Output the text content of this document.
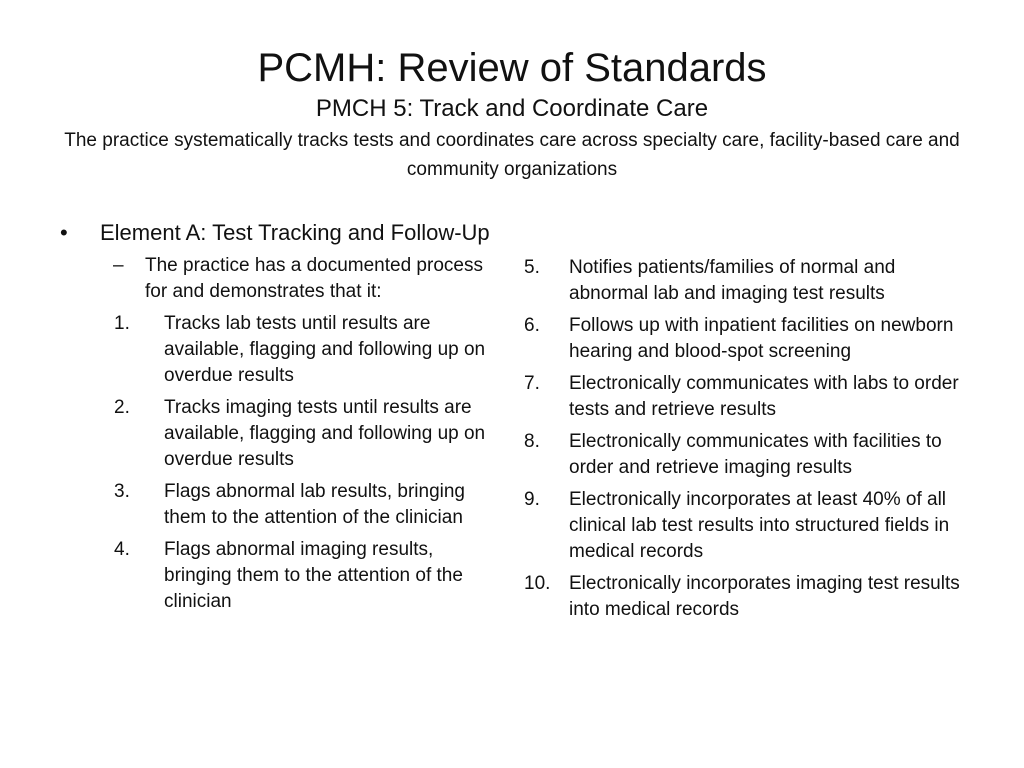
PCMH: Review of Standards
PMCH 5: Track and Coordinate Care
The practice systematically tracks tests and coordinates care across specialty care, facility-based care and community organizations
•	Element A: Test Tracking and Follow-Up
–	The practice has a documented process for and demonstrates that it:
1.	Tracks lab tests until results are available, flagging and following up on overdue results
2.	Tracks imaging tests until results are available, flagging and following up on overdue results
3.	Flags abnormal lab results, bringing them to the attention of the clinician
4.	Flags abnormal imaging results, bringing them to the attention of the clinician
5.	Notifies patients/families of normal and abnormal lab and imaging test results
6.	Follows up with inpatient facilities on newborn hearing and blood-spot screening
7.	Electronically communicates with labs to order tests and retrieve results
8.	Electronically communicates with facilities to order and retrieve imaging results
9.	Electronically incorporates at least 40% of all clinical lab test results into structured fields in medical records
10. Electronically incorporates imaging test results into medical records
